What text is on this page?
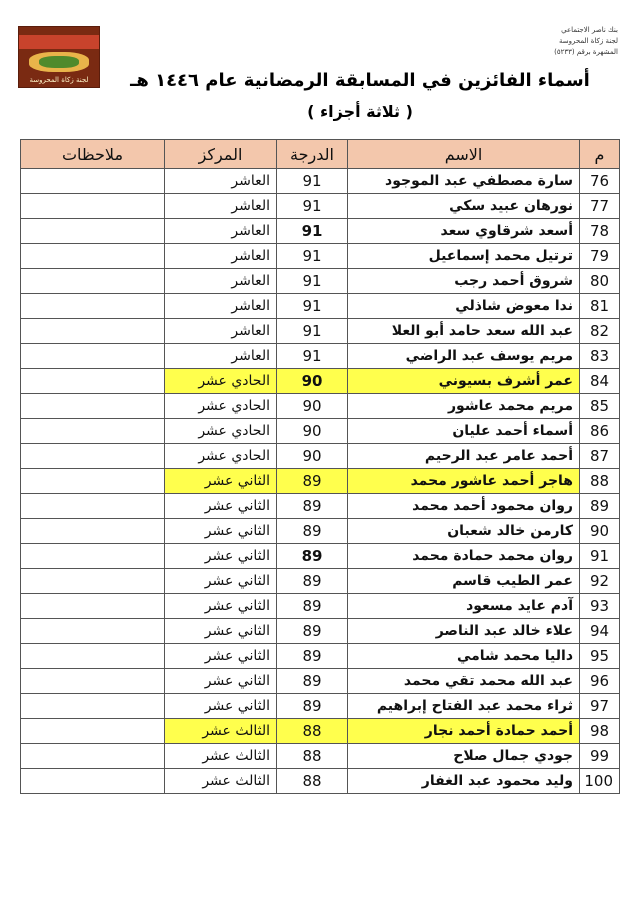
لجنة زكاة المحروسة
بنك ناصر الاجتماعي
لجنة زكاة المحروسة
المشهرة برقم (٥٢٣٣)
أسماء الفائزين في المسابقة الرمضانية عام ١٤٤٦ هـ
( ثلاثة أجزاء )
م	الاسم	الدرجة	المركز	ملاحظات
76	سارة مصطفي عبد الموجود	91	العاشر	
77	نورهان عبيد سكي	91	العاشر	
78	أسعد شرقاوي سعد	91	العاشر	
79	ترتيل محمد إسماعيل	91	العاشر	
80	شروق أحمد رجب	91	العاشر	
81	ندا معوض شاذلي	91	العاشر	
82	عبد الله سعد حامد أبو العلا	91	العاشر	
83	مريم يوسف عبد الراضي	91	العاشر	
84	عمر أشرف بسيوني	90	الحادي عشر	
85	مريم محمد عاشور	90	الحادي عشر	
86	أسماء أحمد عليان	90	الحادي عشر	
87	أحمد عامر عبد الرحيم	90	الحادي عشر	
88	هاجر أحمد عاشور محمد	89	الثاني عشر	
89	روان محمود أحمد محمد	89	الثاني عشر	
90	كارمن خالد شعبان	89	الثاني عشر	
91	روان محمد حمادة محمد	89	الثاني عشر	
92	عمر الطيب قاسم	89	الثاني عشر	
93	آدم عايد مسعود	89	الثاني عشر	
94	علاء خالد عبد الناصر	89	الثاني عشر	
95	داليا محمد شامي	89	الثاني عشر	
96	عبد الله محمد تقي محمد	89	الثاني عشر	
97	ثراء محمد عبد الفتاح إبراهيم	89	الثاني عشر	
98	أحمد حمادة أحمد نجار	88	الثالث عشر	
99	جودي جمال صلاح	88	الثالث عشر	
100	وليد محمود عبد الغفار	88	الثالث عشر	
